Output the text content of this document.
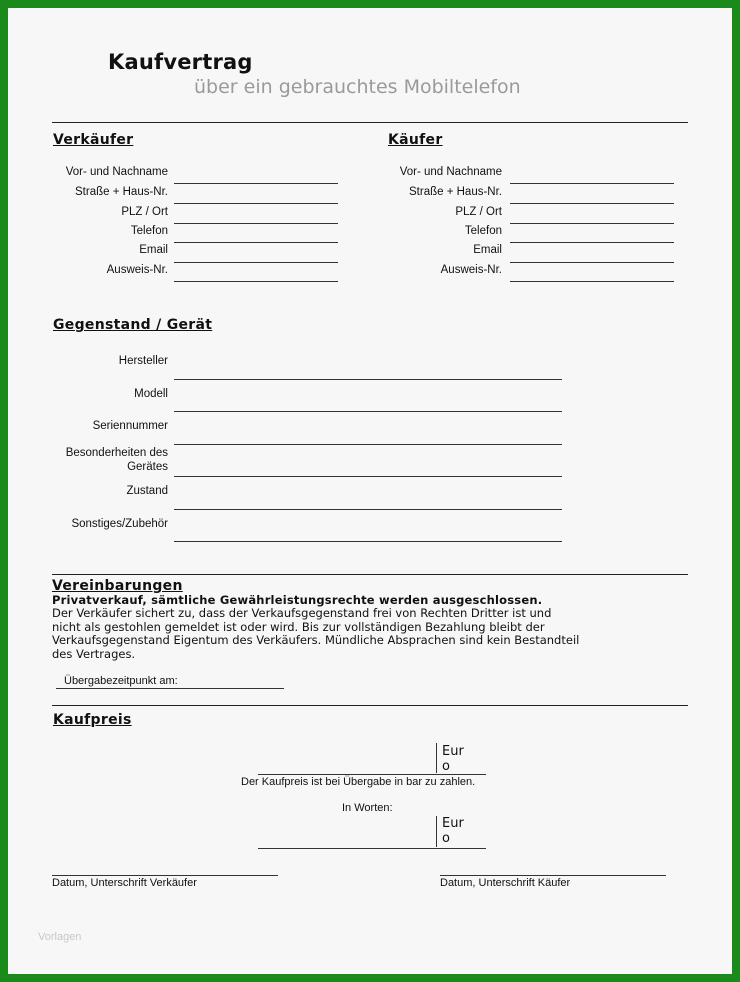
Kaufvertrag
über ein gebrauchtes Mobiltelefon
Verkäufer
Vor- und Nachname
Straße + Haus-Nr.
PLZ / Ort
Telefon
Email
Ausweis-Nr.
Käufer
Vor- und Nachname
Straße + Haus-Nr.
PLZ / Ort
Telefon
Email
Ausweis-Nr.
Gegenstand / Gerät
Hersteller
Modell
Seriennummer
Besonderheiten des Gerätes
Zustand
Sonstiges/Zubehör
Vereinbarungen
Privatverkauf, sämtliche Gewährleistungsrechte werden ausgeschlossen.
Der Verkäufer sichert zu, dass der Verkaufsgegenstand frei von Rechten Dritter ist und
nicht als gestohlen gemeldet ist oder wird. Bis zur vollständigen Bezahlung bleibt der
Verkaufsgegenstand Eigentum des Verkäufers. Mündliche Absprachen sind kein Bestandteil
des Vertrages.
Übergabezeitpunkt am:
Kaufpreis
Eur
o
Der Kaufpreis ist bei Übergabe in bar zu zahlen.
In Worten:
Eur
o
Datum, Unterschrift Verkäufer	Datum, Unterschrift Käufer
Vorlagen
